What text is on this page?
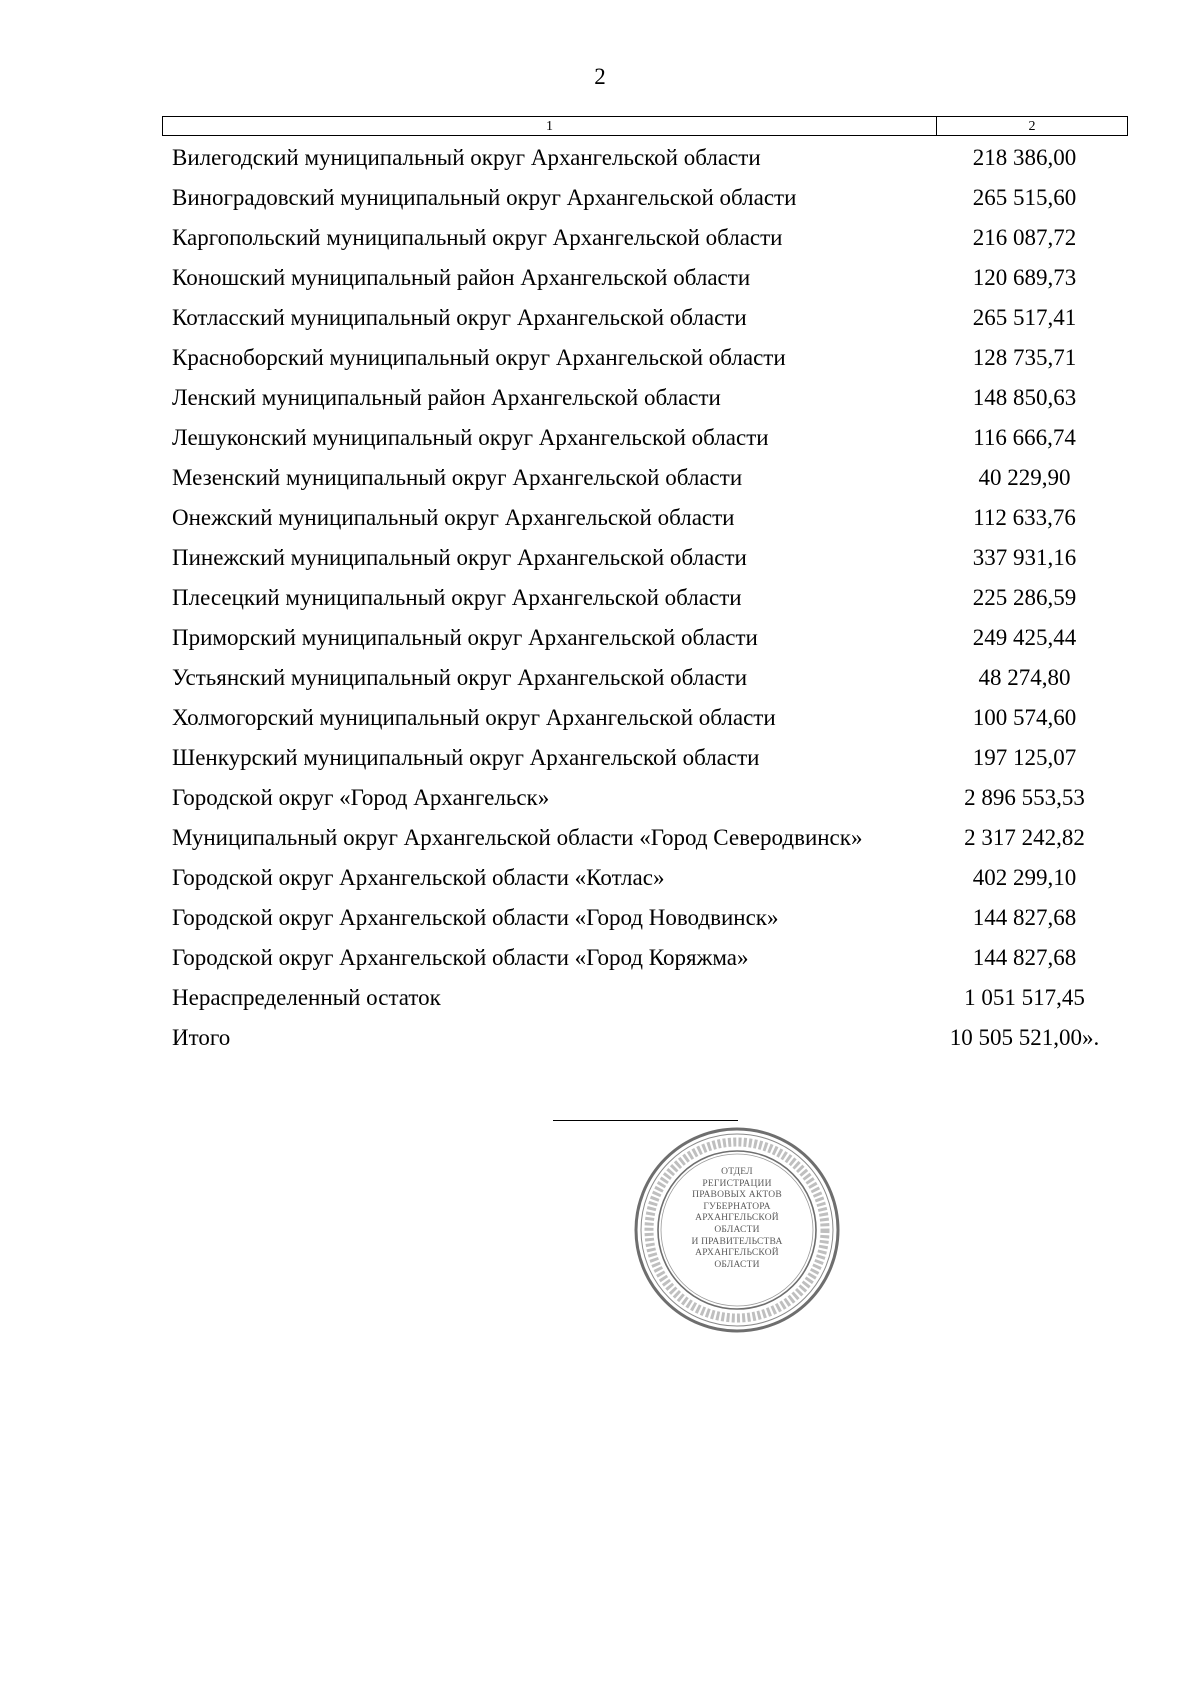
2
1	2
Вилегодский муниципальный округ Архангельской области	218 386,00
Виноградовский муниципальный округ Архангельской области	265 515,60
Каргопольский муниципальный округ Архангельской области	216 087,72
Коношский муниципальный район Архангельской области	120 689,73
Котласский муниципальный округ Архангельской области	265 517,41
Красноборский муниципальный округ Архангельской области	128 735,71
Ленский муниципальный район Архангельской области	148 850,63
Лешуконский муниципальный округ Архангельской области	116 666,74
Мезенский муниципальный округ Архангельской области	40 229,90
Онежский муниципальный округ Архангельской области	112 633,76
Пинежский муниципальный округ Архангельской области	337 931,16
Плесецкий муниципальный округ Архангельской области	225 286,59
Приморский муниципальный округ Архангельской области	249 425,44
Устьянский муниципальный округ Архангельской области	48 274,80
Холмогорский муниципальный округ Архангельской области	100 574,60
Шенкурский муниципальный округ Архангельской области	197 125,07
Городской округ «Город Архангельск»	2 896 553,53
Муниципальный округ Архангельской области «Город Северодвинск»	2 317 242,82
Городской округ Архангельской области «Котлас»	402 299,10
Городской округ Архангельской области «Город Новодвинск»	144 827,68
Городской округ Архангельской области «Город Коряжма»	144 827,68
Нераспределенный остаток	1 051 517,45
Итого	10 505 521,00».
ОТДЕЛ
РЕГИСТРАЦИИ
ПРАВОВЫХ АКТОВ
ГУБЕРНАТОРА
АРХАНГЕЛЬСКОЙ
ОБЛАСТИ
И ПРАВИТЕЛЬСТВА
АРХАНГЕЛЬСКОЙ
ОБЛАСТИ
